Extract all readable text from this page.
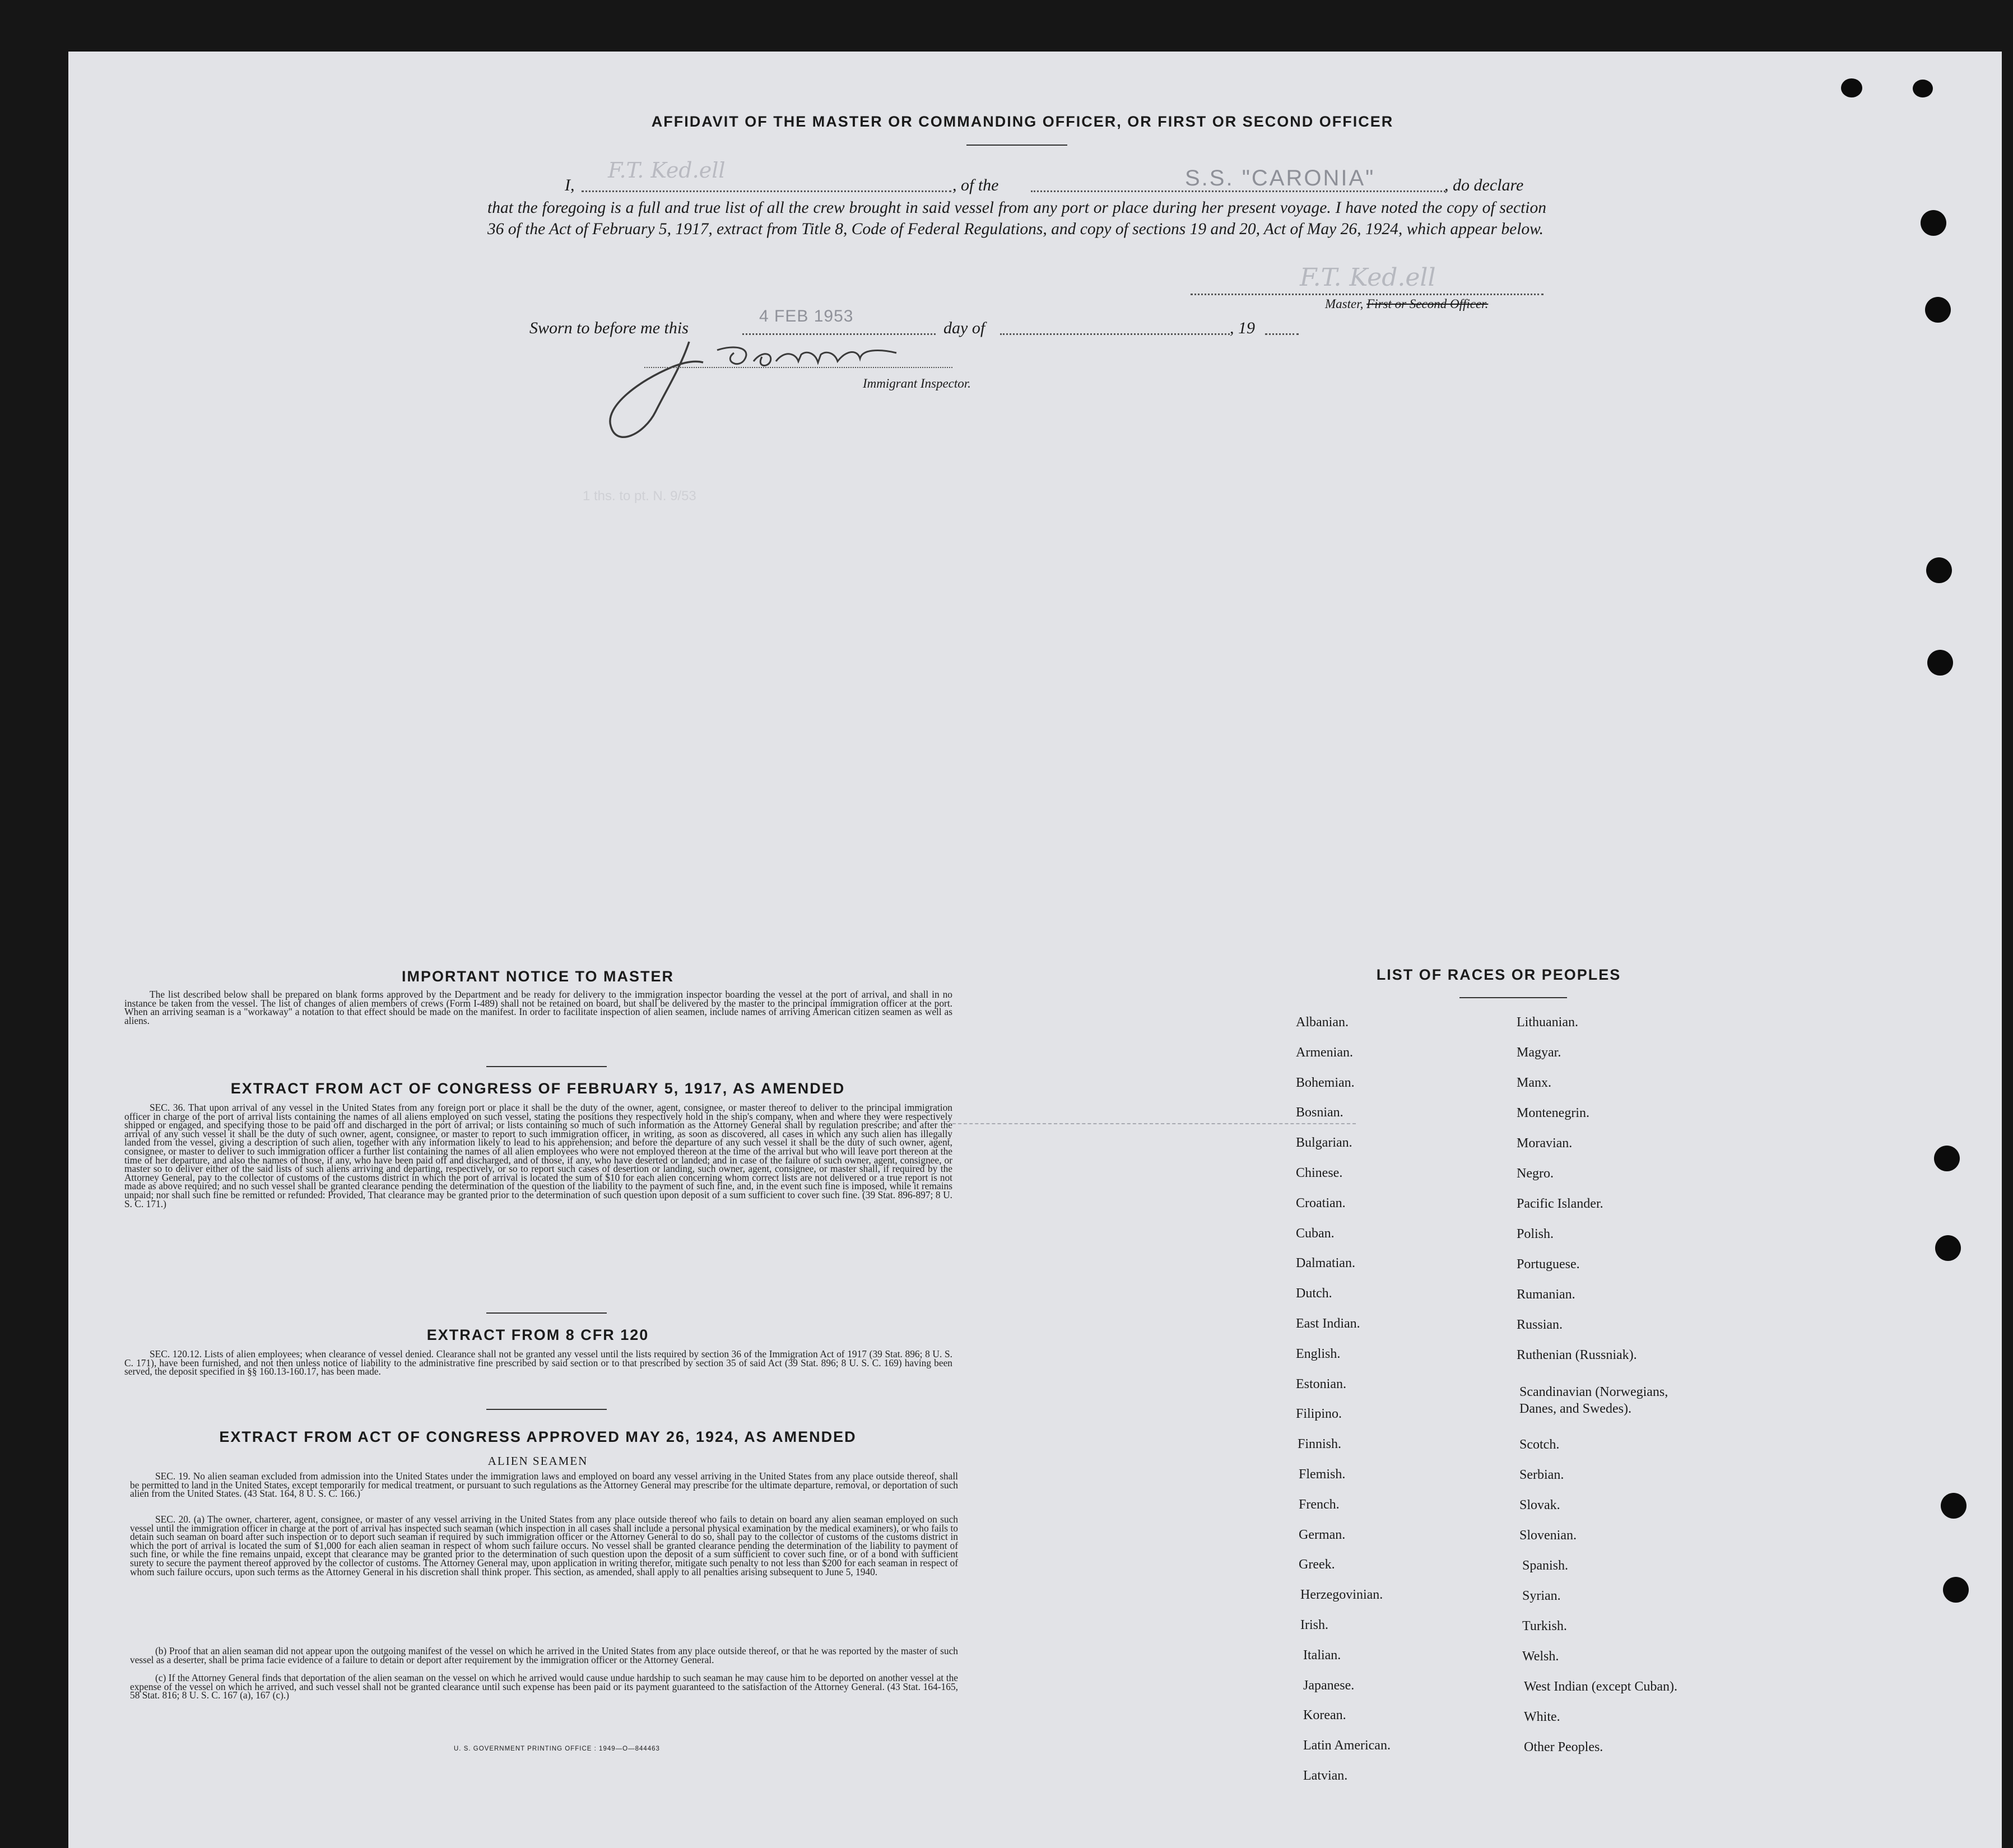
AFFIDAVIT OF THE MASTER OR COMMANDING OFFICER, OR FIRST OR SECOND OFFICER
I,
F.T. Ked.ell
, of the	S.S. "CARONIA"	, do declare
that the foregoing is a full and true list of all the crew brought in said vessel from any port or place during her present voyage. I have noted the copy of section 36 of the Act of February 5, 1917, extract from Title 8, Code of Federal Regulations, and copy of sections 19 and 20, Act of May 26, 1924, which appear below.
F.T. Ked.ell
Master, First or Second Officer.
Sworn to before me this
4 FEB 1953
day of	, 19
Immigrant Inspector.
1 ths. to pt. N. 9/53
IMPORTANT NOTICE TO MASTER
The list described below shall be prepared on blank forms approved by the Department and be ready for delivery to the immigration inspector boarding the vessel at the port of arrival, and shall in no instance be taken from the vessel. The list of changes of alien members of crews (Form I-489) shall not be retained on board, but shall be delivered by the master to the principal immigration officer at the port. When an arriving seaman is a "workaway" a notation to that effect should be made on the manifest. In order to facilitate inspection of alien seamen, include names of arriving American citizen seamen as well as aliens.
EXTRACT FROM ACT OF CONGRESS OF FEBRUARY 5, 1917, AS AMENDED
SEC. 36. That upon arrival of any vessel in the United States from any foreign port or place it shall be the duty of the owner, agent, consignee, or master thereof to deliver to the principal immigration officer in charge of the port of arrival lists containing the names of all aliens employed on such vessel, stating the positions they respectively hold in the ship's company, when and where they were respectively shipped or engaged, and specifying those to be paid off and discharged in the port of arrival; or lists containing so much of such information as the Attorney General shall by regulation prescribe; and after the arrival of any such vessel it shall be the duty of such owner, agent, consignee, or master to report to such immigration officer, in writing, as soon as discovered, all cases in which any such alien has illegally landed from the vessel, giving a description of such alien, together with any information likely to lead to his apprehension; and before the departure of any such vessel it shall be the duty of such owner, agent, consignee, or master to deliver to such immigration officer a further list containing the names of all alien employees who were not employed thereon at the time of the arrival but who will leave port thereon at the time of her departure, and also the names of those, if any, who have been paid off and discharged, and of those, if any, who have deserted or landed; and in case of the failure of such owner, agent, consignee, or master so to deliver either of the said lists of such aliens arriving and departing, respectively, or so to report such cases of desertion or landing, such owner, agent, consignee, or master shall, if required by the Attorney General, pay to the collector of customs of the customs district in which the port of arrival is located the sum of $10 for each alien concerning whom correct lists are not delivered or a true report is not made as above required; and no such vessel shall be granted clearance pending the determination of the question of the liability to the payment of such fine, and, in the event such fine is imposed, while it remains unpaid; nor shall such fine be remitted or refunded: Provided, That clearance may be granted prior to the determination of such question upon deposit of a sum sufficient to cover such fine. (39 Stat. 896-897; 8 U. S. C. 171.)
EXTRACT FROM 8 CFR 120
SEC. 120.12. Lists of alien employees; when clearance of vessel denied. Clearance shall not be granted any vessel until the lists required by section 36 of the Immigration Act of 1917 (39 Stat. 896; 8 U. S. C. 171), have been furnished, and not then unless notice of liability to the administrative fine prescribed by said section or to that prescribed by section 35 of said Act (39 Stat. 896; 8 U. S. C. 169) having been served, the deposit specified in §§ 160.13-160.17, has been made.
EXTRACT FROM ACT OF CONGRESS APPROVED MAY 26, 1924, AS AMENDED
ALIEN SEAMEN
SEC. 19. No alien seaman excluded from admission into the United States under the immigration laws and employed on board any vessel arriving in the United States from any place outside thereof, shall be permitted to land in the United States, except temporarily for medical treatment, or pursuant to such regulations as the Attorney General may prescribe for the ultimate departure, removal, or deportation of such alien from the United States. (43 Stat. 164, 8 U. S. C. 166.)
SEC. 20. (a) The owner, charterer, agent, consignee, or master of any vessel arriving in the United States from any place outside thereof who fails to detain on board any alien seaman employed on such vessel until the immigration officer in charge at the port of arrival has inspected such seaman (which inspection in all cases shall include a personal physical examination by the medical examiners), or who fails to detain such seaman on board after such inspection or to deport such seaman if required by such immigration officer or the Attorney General to do so, shall pay to the collector of customs of the customs district in which the port of arrival is located the sum of $1,000 for each alien seaman in respect of whom such failure occurs. No vessel shall be granted clearance pending the determination of the liability to payment of such fine, or while the fine remains unpaid, except that clearance may be granted prior to the determination of such question upon the deposit of a sum sufficient to cover such fine, or of a bond with sufficient surety to secure the payment thereof approved by the collector of customs. The Attorney General may, upon application in writing therefor, mitigate such penalty to not less than $200 for each seaman in respect of whom such failure occurs, upon such terms as the Attorney General in his discretion shall think proper. This section, as amended, shall apply to all penalties arising subsequent to June 5, 1940.
(b) Proof that an alien seaman did not appear upon the outgoing manifest of the vessel on which he arrived in the United States from any place outside thereof, or that he was reported by the master of such vessel as a deserter, shall be prima facie evidence of a failure to detain or deport after requirement by the immigration officer or the Attorney General.
(c) If the Attorney General finds that deportation of the alien seaman on the vessel on which he arrived would cause undue hardship to such seaman he may cause him to be deported on another vessel at the expense of the vessel on which he arrived, and such vessel shall not be granted clearance until such expense has been paid or its payment guaranteed to the satisfaction of the Attorney General. (43 Stat. 164-165, 58 Stat. 816; 8 U. S. C. 167 (a), 167 (c).)
U. S. GOVERNMENT PRINTING OFFICE : 1949—O—844463
LIST OF RACES OR PEOPLES
Albanian.
Armenian.
Bohemian.
Bosnian.
Bulgarian.
Chinese.
Croatian.
Cuban.
Dalmatian.
Dutch.
East Indian.
English.
Estonian.
Filipino.
Finnish.
Flemish.
French.
German.
Greek.
Herzegovinian.
Irish.
Italian.
Japanese.
Korean.
Latin American.
Latvian.
Lithuanian.
Magyar.
Manx.
Montenegrin.
Moravian.
Negro.
Pacific Islander.
Polish.
Portuguese.
Rumanian.
Russian.
Ruthenian (Russniak).
Scandinavian (Norwegians,
Danes, and Swedes).
Scotch.
Serbian.
Slovak.
Slovenian.
Spanish.
Syrian.
Turkish.
Welsh.
West Indian (except Cuban).
White.
Other Peoples.
